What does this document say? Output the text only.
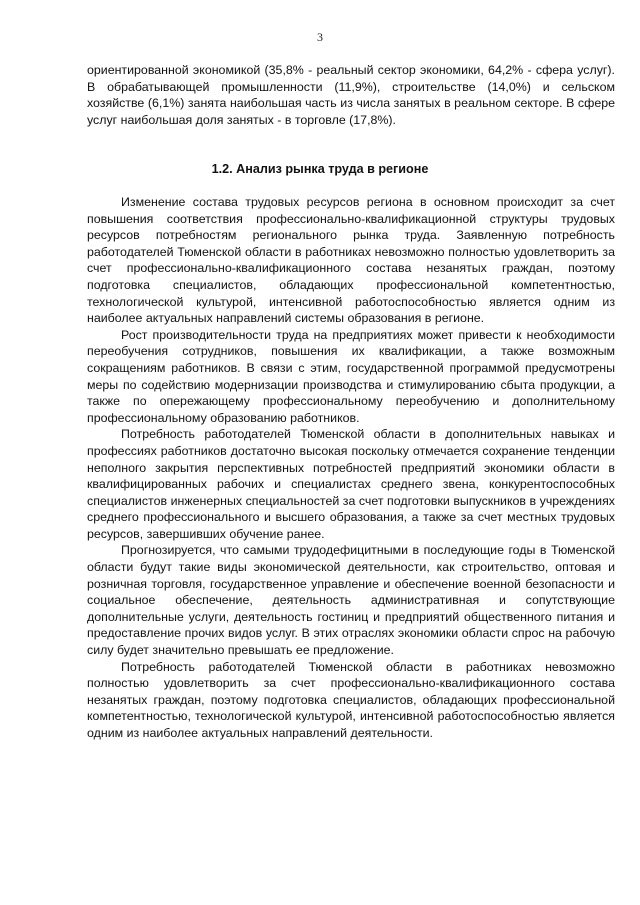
3

ориентированной экономикой (35,8% - реальный сектор экономики, 64,2% - сфера услуг). В обрабатывающей промышленности (11,9%), строительстве (14,0%) и сельском хозяйстве (6,1%) занята наибольшая часть из числа занятых в реальном секторе. В сфере услуг наибольшая доля занятых - в торговле (17,8%).

1.2. Анализ рынка труда в регионе

Изменение состава трудовых ресурсов региона в основном происходит за счет повышения соответствия профессионально-квалификационной структуры трудовых ресурсов потребностям регионального рынка труда. Заявленную потребность работодателей Тюменской области в работниках невозможно полностью удовлетворить за счет профессионально-квалификационного состава незанятых граждан, поэтому подготовка специалистов, обладающих профессиональной компетентностью, технологической культурой, интенсивной работоспособностью является одним из наиболее актуальных направлений системы образования в регионе.

Рост производительности труда на предприятиях может привести к необходимости переобучения сотрудников, повышения их квалификации, а также возможным сокращениям работников. В связи с этим, государственной программой предусмотрены меры по содействию модернизации производства и стимулированию сбыта продукции, а также по опережающему профессиональному переобучению и дополнительному профессиональному образованию работников.

Потребность работодателей Тюменской области в дополнительных навыках и профессиях работников достаточно высокая поскольку отмечается сохранение тенденции неполного закрытия перспективных потребностей предприятий экономики области в квалифицированных рабочих и специалистах среднего звена, конкурентоспособных специалистов инженерных специальностей за счет подготовки выпускников в учреждениях среднего профессионального и высшего образования, а также за счет местных трудовых ресурсов, завершивших обучение ранее.

Прогнозируется, что самыми трудодефицитными в последующие годы в Тюменской области будут такие виды экономической деятельности, как строительство, оптовая и розничная торговля, государственное управление и обеспечение военной безопасности и социальное обеспечение, деятельность административная и сопутствующие дополнительные услуги, деятельность гостиниц и предприятий общественного питания и предоставление прочих видов услуг. В этих отраслях экономики области спрос на рабочую силу будет значительно превышать ее предложение.

Потребность работодателей Тюменской области в работниках невозможно полностью удовлетворить за счет профессионально-квалификационного состава незанятых граждан, поэтому подготовка специалистов, обладающих профессиональной компетентностью, технологической культурой, интенсивной работоспособностью является одним из наиболее актуальных направлений деятельности.
